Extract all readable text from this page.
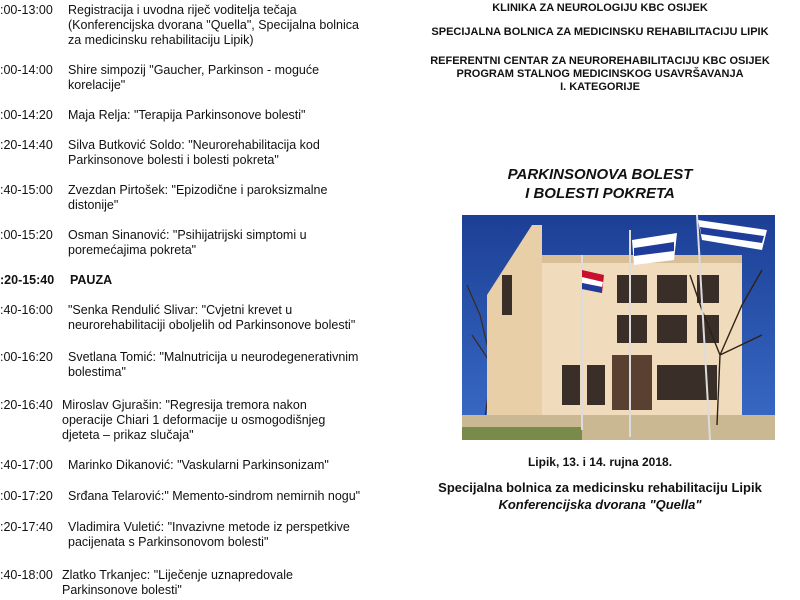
:00-13:00 Registracija i uvodna riječ voditelja tečaja
(Konferencijska dvorana "Quella", Specijalna bolnica
za medicinsku rehabilitaciju Lipik)
:00-14:00 Shire simpozij "Gaucher, Parkinson - moguće
korelacije"
:00-14:20 Maja Relja: "Terapija Parkinsonove bolesti"
:20-14:40 Silva Butković Soldo: "Neurorehabilitacija kod
Parkinsonove bolesti i bolesti pokreta"
:40-15:00 Zvezdan Pirtošek: "Epizodične i paroksizmalne
distonije"
:00-15:20 Osman Sinanović: "Psihijatrijski simptomi u
poremećajima pokreta"
:20-15:40 PAUZA
:40-16:00 "Senka Rendulić Slivar: "Cvjetni krevet u
neurorehabilitaciji oboljelih od Parkinsonove bolesti"
:00-16:20 Svetlana Tomić: "Malnutricija u neurodegenerativnim
bolestima"
:20-16:40 Miroslav Gjurašin: "Regresija tremora nakon
operacije Chiari 1 deformacije u osmogodišnjeg
djeteta – prikaz slučaja"
:40-17:00 Marinko Dikanović: "Vaskularni Parkinsonizam"
:00-17:20 Srđana Telarović:" Memento-sindrom nemirnih nogu"
:20-17:40 Vladimira Vuletić: "Invazivne metode iz perspetkive
pacijenata s Parkinsonovom bolesti"
:40-18:00 Zlatko Trkanjec: "Liječenje uznapredovale
Parkinsonove bolesti"
KLINIKA ZA NEUROLOGIJU KBC OSIJEK
SPECIJALNA BOLNICA ZA MEDICINSKU REHABILITACIJU LIPIK
REFERENTNI CENTAR ZA NEUROREHABILITACIJU KBC OSIJEK
PROGRAM STALNOG MEDICINSKOG USAVRŠAVANJA
I. KATEGORIJE
PARKINSONOVA BOLEST
I BOLESTI POKRETA
Lipik, 13. i 14. rujna 2018.
Specijalna bolnica za medicinsku rehabilitaciju Lipik
Konferencijska dvorana "Quella"
